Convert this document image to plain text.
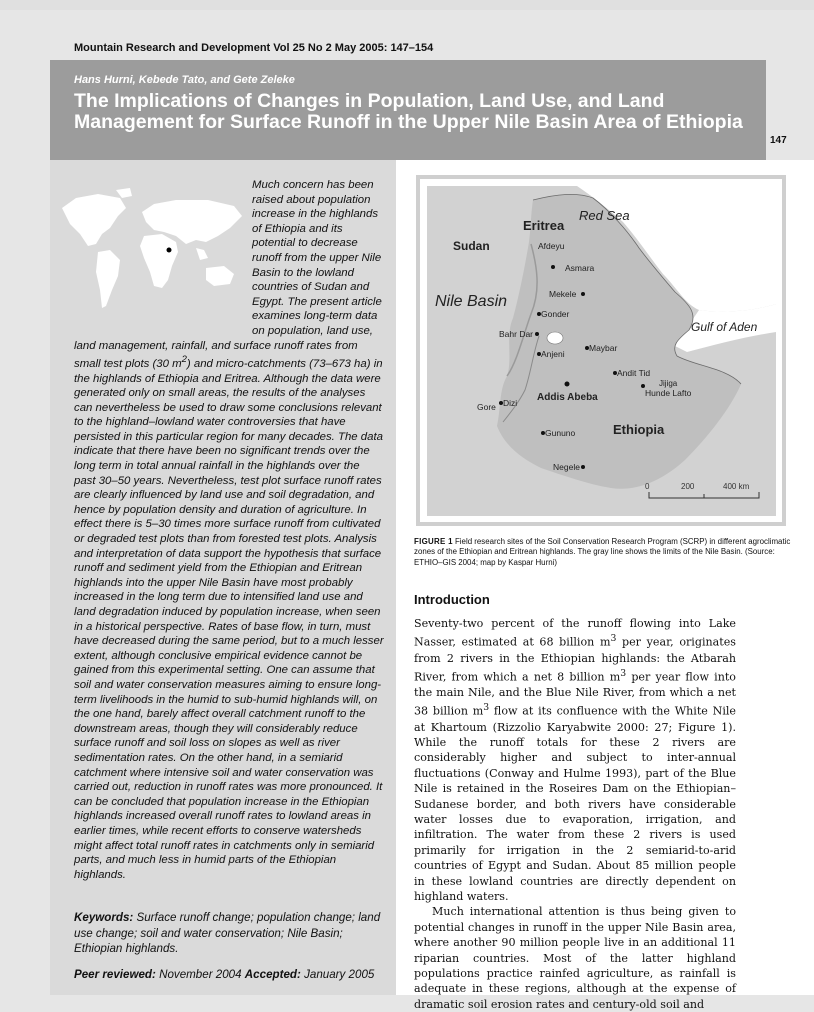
Mountain Research and Development Vol 25 No 2 May 2005: 147–154
Hans Hurni, Kebede Tato, and Gete Zeleke
The Implications of Changes in Population, Land Use, and Land Management for Surface Runoff in the Upper Nile Basin Area of Ethiopia
147
Much concern has been raised about population increase in the highlands of Ethiopia and its potential to decrease runoff from the upper Nile Basin to the lowland countries of Sudan and Egypt. The present article examines long-term data on population, land use, land management, rainfall, and surface runoff rates from small test plots (30 $m^2$) and micro-catchments (73–673 ha) in the highlands of Ethiopia and Eritrea. Although the data were generated only on small areas, the results of the analyses can nevertheless be used to draw some conclusions relevant to the highland–lowland water controversies that have persisted in this particular region for many decades. The data indicate that there have been no significant trends over the long term in total annual rainfall in the highlands over the past 30–50 years. Nevertheless, test plot surface runoff rates are clearly influenced by land use and soil degradation, and hence by population density and duration of agriculture. In effect there is 5–30 times more surface runoff from cultivated or degraded test plots than from forested test plots. Analysis and interpretation of data support the hypothesis that surface runoff and sediment yield from the Ethiopian and Eritrean highlands into the upper Nile Basin have most probably increased in the long term due to intensified land use and land degradation induced by population increase, when seen in a historical perspective. Rates of base flow, in turn, must have decreased during the same period, but to a much lesser extent, although conclusive empirical evidence cannot be gained from this experimental setting. One can assume that soil and water conservation measures aiming to ensure long-term livelihoods in the humid to sub-humid highlands will, on the one hand, barely affect overall catchment runoff to the downstream areas, though they will considerably reduce surface runoff and soil loss on slopes as well as river sedimentation rates. On the other hand, in a semiarid catchment where intensive soil and water conservation was carried out, reduction in runoff rates was more pronounced. It can be concluded that population increase in the Ethiopian highlands increased overall runoff rates to lowland areas in earlier times, while recent efforts to conserve watersheds might affect total runoff rates in catchments only in semiarid parts, and much less in humid parts of the Ethiopian highlands.
Keywords: Surface runoff change; population change; land use change; soil and water conservation; Nile Basin; Ethiopian highlands.
Peer reviewed: November 2004 Accepted: January 2005
Eritrea
Sudan
Ethiopia
Red Sea
Nile Basin
Gulf of Aden
Afdeyu
Asmara
Mekele
Gonder
Bahr Dar
Maybar
Anjeni
Andit Tid
Jijiga
Hunde Lafto
Addis Abeba
Dizi
Gore
Gununo
Negele
0	200	400 km
FIGURE 1 Field research sites of the Soil Conservation Research Program (SCRP) in different agroclimatic zones of the Ethiopian and Eritrean highlands. The gray line shows the limits of the Nile Basin. (Source: ETHIO–GIS 2004; map by Kaspar Hurni)
Introduction

Seventy-two percent of the runoff flowing into Lake Nasser, estimated at 68 billion $m^3$ per year, originates from 2 rivers in the Ethiopian highlands: the Atbarah River, from which a net 8 billion $m^3$ per year flow into the main Nile, and the Blue Nile River, from which a net 38 billion $m^3$ flow at its confluence with the White Nile at Khartoum (Rizzolio Karyabwite 2000: 27; Figure 1). While the runoff totals for these 2 rivers are considerably higher and subject to inter-annual fluctuations (Conway and Hulme 1993), part of the Blue Nile is retained in the Roseires Dam on the Ethiopian–Sudanese border, and both rivers have considerable water losses due to evaporation, irrigation, and infiltration. The water from these 2 rivers is used primarily for irrigation in the 2 semiarid-to-arid countries of Egypt and Sudan. About 85 million people in these lowland countries are directly dependent on highland waters.

Much international attention is thus being given to potential changes in runoff in the upper Nile Basin area, where another 90 million people live in an additional 11 riparian countries. Most of the latter highland populations practice rainfed agriculture, as rainfall is adequate in these regions, although at the expense of dramatic soil erosion rates and century-old soil and
